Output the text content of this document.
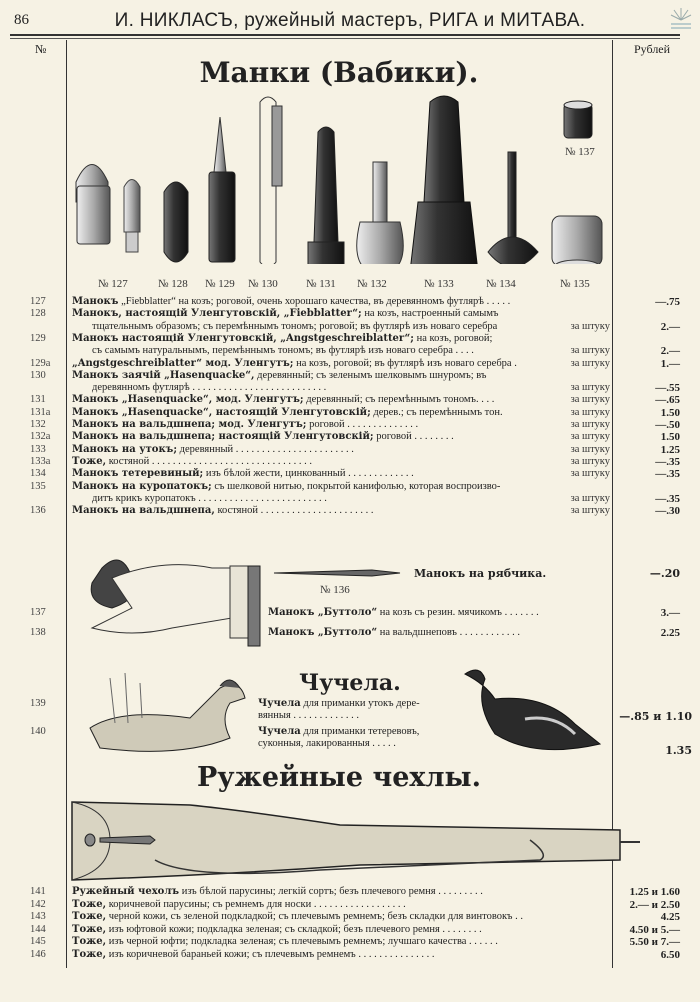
86	И. НИКЛАСЪ, ружейный мастеръ, РИГА и МИТАВА.
№	Рублей
Манки (Вабики).
№ 137
№ 127	№ 128 № 129 № 130	№ 131 № 132	№ 133	№ 134	№ 135
127	Манокъ „Fiebblatter“ на козъ; роговой, очень хорошаго качества, въ деревянномъ футлярѣ . . . . .	—.75
128	Манокъ, настоящій Уленгутовскій, „Fiebblatter“; на козъ, настроенный самымъ
тщательнымъ образомъ; съ перемѣннымъ тономъ; роговой; въ футлярѣ изъ новаго серебра	за штуку	2.—
129	Манокъ настоящій Уленгутовскій, „Angstgeschreiblatter“; на козъ, роговой;
съ самымъ натуральнымъ, перемѣннымъ тономъ; въ футлярѣ изъ новаго серебра . . . .	за штуку	2.—
129a	„Angstgeschreiblatter“ мод. Уленгутъ; на козъ, роговой; въ футлярѣ изъ новаго серебра .	за штуку	1.—
130	Манокъ заячій „Hasenquacke“, деревянный; съ зеленымъ шелковымъ шнуромъ; въ
деревянномъ футлярѣ . . . . . . . . . . . . . . . . . . . . . . . . . .	за штуку	—.55
131	Манокъ „Hasenquacke“, мод. Уленгутъ; деревянный; съ перемѣннымъ тономъ. . . .	за штуку	—.65
131a	Манокъ „Hasenquacke“, настоящій Уленгутовскій; дерев.; съ перемѣннымъ тон.	за штуку	1.50
132	Манокъ на вальдшнепа; мод. Уленгутъ; роговой . . . . . . . . . . . . . .	за штуку	—.50
132a	Манокъ на вальдшнепа; настоящій Уленгутовскій; роговой . . . . . . . .	за штуку	1.50
133	Манокъ на утокъ; деревянный . . . . . . . . . . . . . . . . . . . . . . .	за штуку	1.25
133a	Тоже, костяной . . . . . . . . . . . . . . . . . . . . . . . . . . . . . . .	за штуку	—.35
134	Манокъ тетеревиный; изъ бѣлой жести, цинкованный . . . . . . . . . . . . .	за штуку	—.35
135	Манокъ на куропатокъ; съ шелковой нитью, покрытой канифолью, которая воспроизво-
дитъ крикъ куропатокъ . . . . . . . . . . . . . . . . . . . . . . . . .	за штуку	—.35
136	Манокъ на вальдшнепа, костяной . . . . . . . . . . . . . . . . . . . . . .	за штуку	—.30
№ 136
Манокъ на рябчика.	—.20
137	Манокъ „Буттоло“ на козъ съ резин. мячикомъ . . . . . . .	3.—
138	Манокъ „Буттоло“ на вальдшнеповъ . . . . . . . . . . . .	2.25
Чучела.
139	Чучела для приманки утокъ дере-
вянныя . . . . . . . . . . . . .	—.85 и 1.10
140	Чучела для приманки тетеревовъ,
суконныя, лакированныя . . . . .
1.35
Ружейные чехлы.
141	Ружейный чехолъ изъ бѣлой парусины; легкій сортъ; безъ плечевого ремня . . . . . . . . .	1.25 и 1.60
142	Тоже, коричневой парусины; съ ремнемъ для носки . . . . . . . . . . . . . . . . . .	2.— и 2.50
143	Тоже, черной кожи, съ зеленой подкладкой; съ плечевымъ ремнемъ; безъ складки для винтовокъ . .	4.25
144	Тоже, изъ юфтовой кожи; подкладка зеленая; съ складкой; безъ плечевого ремня . . . . . . . .	4.50 и 5.—
145	Тоже, изъ черной юфти; подкладка зеленая; съ плечевымъ ремнемъ; лучшаго качества . . . . . .	5.50 и 7.—
146	Тоже, изъ коричневой бараньей кожи; съ плечевымъ ремнемъ . . . . . . . . . . . . . . .	6.50
